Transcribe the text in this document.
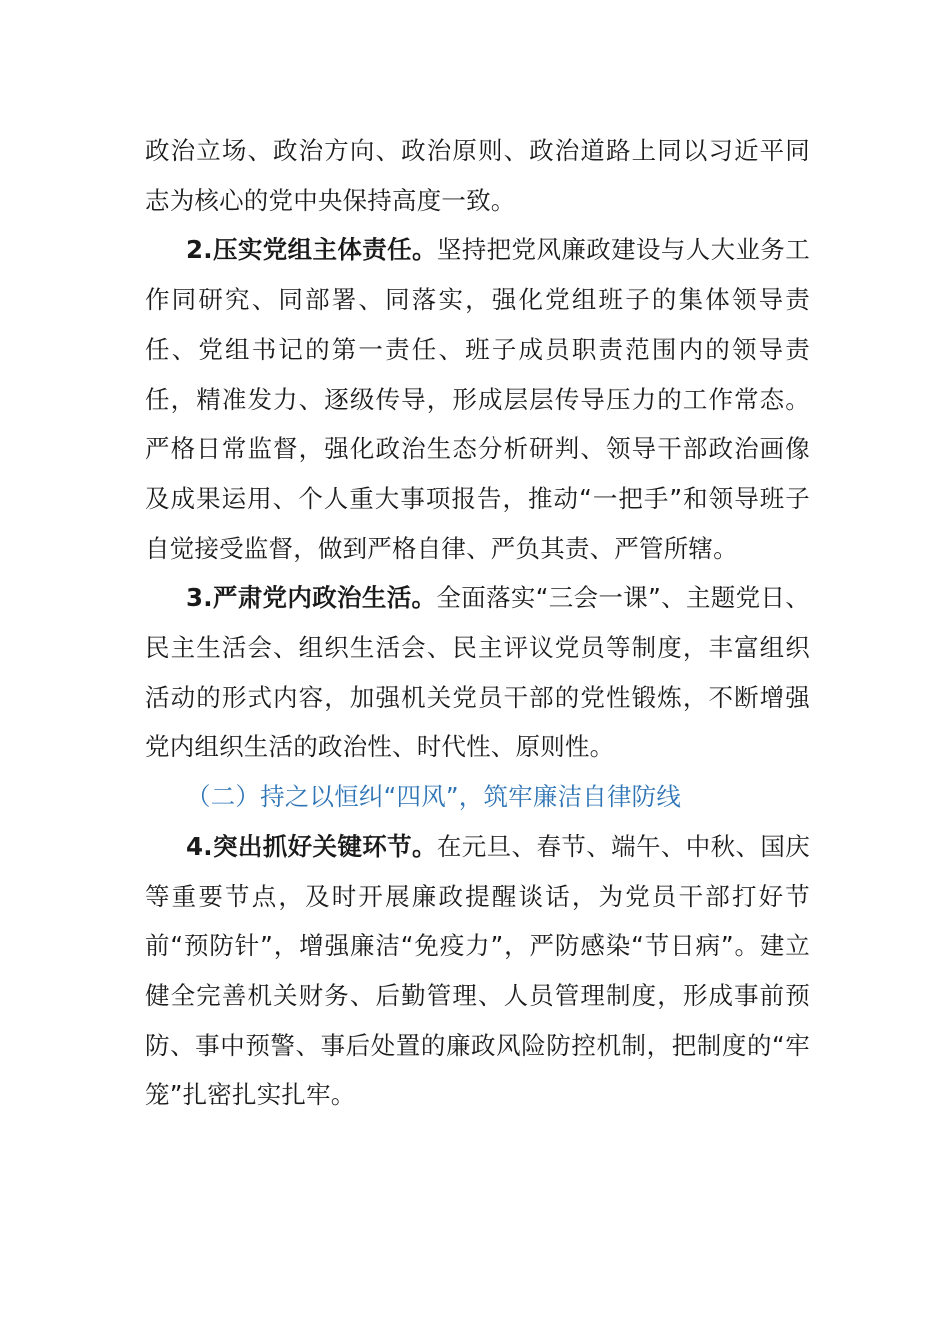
政治立场、政治方向、政治原则、政治道路上同以习近平同志为核心的党中央保持高度一致。

2.压实党组主体责任。坚持把党风廉政建设与人大业务工作同研究、同部署、同落实，强化党组班子的集体领导责任、党组书记的第一责任、班子成员职责范围内的领导责任，精准发力、逐级传导，形成层层传导压力的工作常态。严格日常监督，强化政治生态分析研判、领导干部政治画像及成果运用、个人重大事项报告，推动“一把手”和领导班子自觉接受监督，做到严格自律、严负其责、严管所辖。

3.严肃党内政治生活。全面落实“三会一课”、主题党日、民主生活会、组织生活会、民主评议党员等制度，丰富组织活动的形式内容，加强机关党员干部的党性锻炼，不断增强党内组织生活的政治性、时代性、原则性。

（二）持之以恒纠“四风”，筑牢廉洁自律防线

4.突出抓好关键环节。在元旦、春节、端午、中秋、国庆等重要节点，及时开展廉政提醒谈话，为党员干部打好节前“预防针”，增强廉洁“免疫力”，严防感染“节日病”。建立健全完善机关财务、后勤管理、人员管理制度，形成事前预防、事中预警、事后处置的廉政风险防控机制，把制度的“牢笼”扎密扎实扎牢。
